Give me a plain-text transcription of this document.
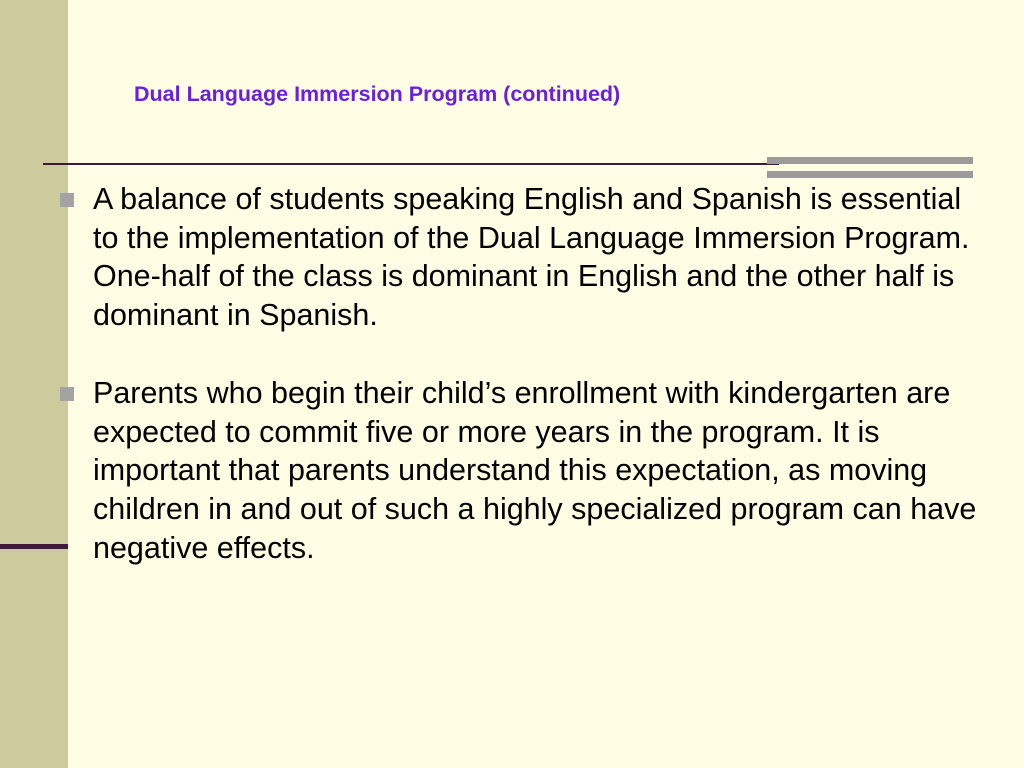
Dual Language Immersion Program (continued)
A balance of students speaking English and Spanish is essential to the implementation of the Dual Language Immersion Program. One-half of the class is dominant in English and the other half is dominant in Spanish.
Parents who begin their child’s enrollment with kindergarten are expected to commit five or more years in the program. It is important that parents understand this expectation, as moving children in and out of such a highly specialized program can have negative effects.
